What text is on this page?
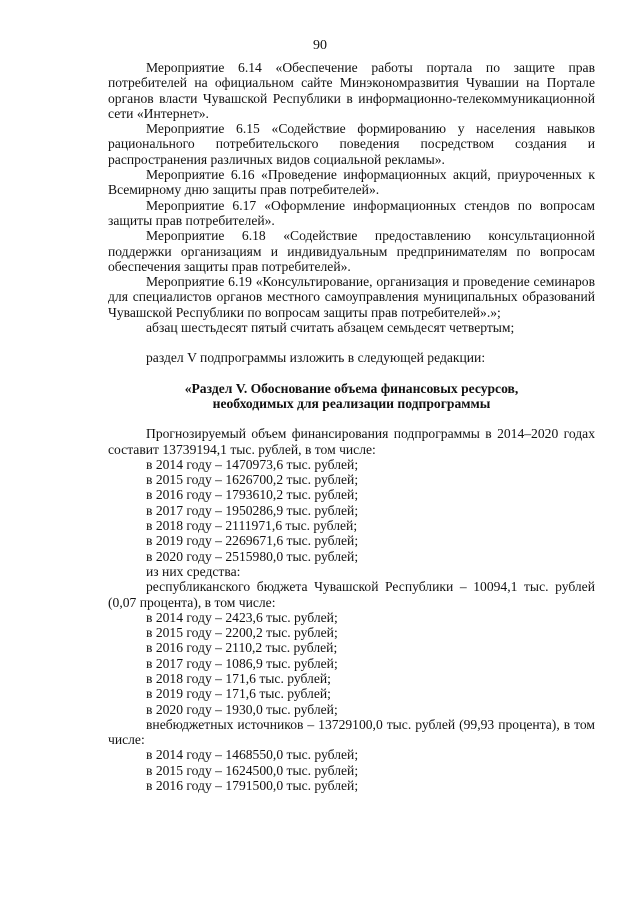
90

Мероприятие 6.14 «Обеспечение работы портала по защите прав потребителей на официальном сайте Минэкономразвития Чувашии на Портале органов власти Чувашской Республики в информационно-телекоммуникационной сети «Интернет».

Мероприятие 6.15 «Содействие формированию у населения навыков рационального потребительского поведения посредством создания и распространения различных видов социальной рекламы».

Мероприятие 6.16 «Проведение информационных акций, приуроченных к Всемирному дню защиты прав потребителей».

Мероприятие 6.17 «Оформление информационных стендов по вопросам защиты прав потребителей».

Мероприятие 6.18 «Содействие предоставлению консультационной поддержки организациям и индивидуальным предпринимателям по вопросам обеспечения защиты прав потребителей».

Мероприятие 6.19 «Консультирование, организация и проведение семинаров для специалистов органов местного самоуправления муниципальных образований Чувашской Республики по вопросам защиты прав потребителей».»;

абзац шестьдесят пятый считать абзацем семьдесят четвертым;

раздел V подпрограммы изложить в следующей редакции:

«Раздел V. Обоснование объема финансовых ресурсов,

необходимых для реализации подпрограммы

Прогнозируемый объем финансирования подпрограммы в 2014–2020 годах составит 13739194,1 тыс. рублей, в том числе:

в 2014 году – 1470973,6 тыс. рублей;

в 2015 году – 1626700,2 тыс. рублей;

в 2016 году – 1793610,2 тыс. рублей;

в 2017 году – 1950286,9 тыс. рублей;

в 2018 году – 2111971,6 тыс. рублей;

в 2019 году – 2269671,6 тыс. рублей;

в 2020 году – 2515980,0 тыс. рублей;

из них средства:

республиканского бюджета Чувашской Республики – 10094,1 тыс. рублей (0,07 процента), в том числе:

в 2014 году – 2423,6 тыс. рублей;

в 2015 году – 2200,2 тыс. рублей;

в 2016 году – 2110,2 тыс. рублей;

в 2017 году – 1086,9 тыс. рублей;

в 2018 году – 171,6 тыс. рублей;

в 2019 году – 171,6 тыс. рублей;

в 2020 году – 1930,0 тыс. рублей;

внебюджетных источников – 13729100,0 тыс. рублей (99,93 процента), в том числе:

в 2014 году – 1468550,0 тыс. рублей;

в 2015 году – 1624500,0 тыс. рублей;

в 2016 году – 1791500,0 тыс. рублей;
